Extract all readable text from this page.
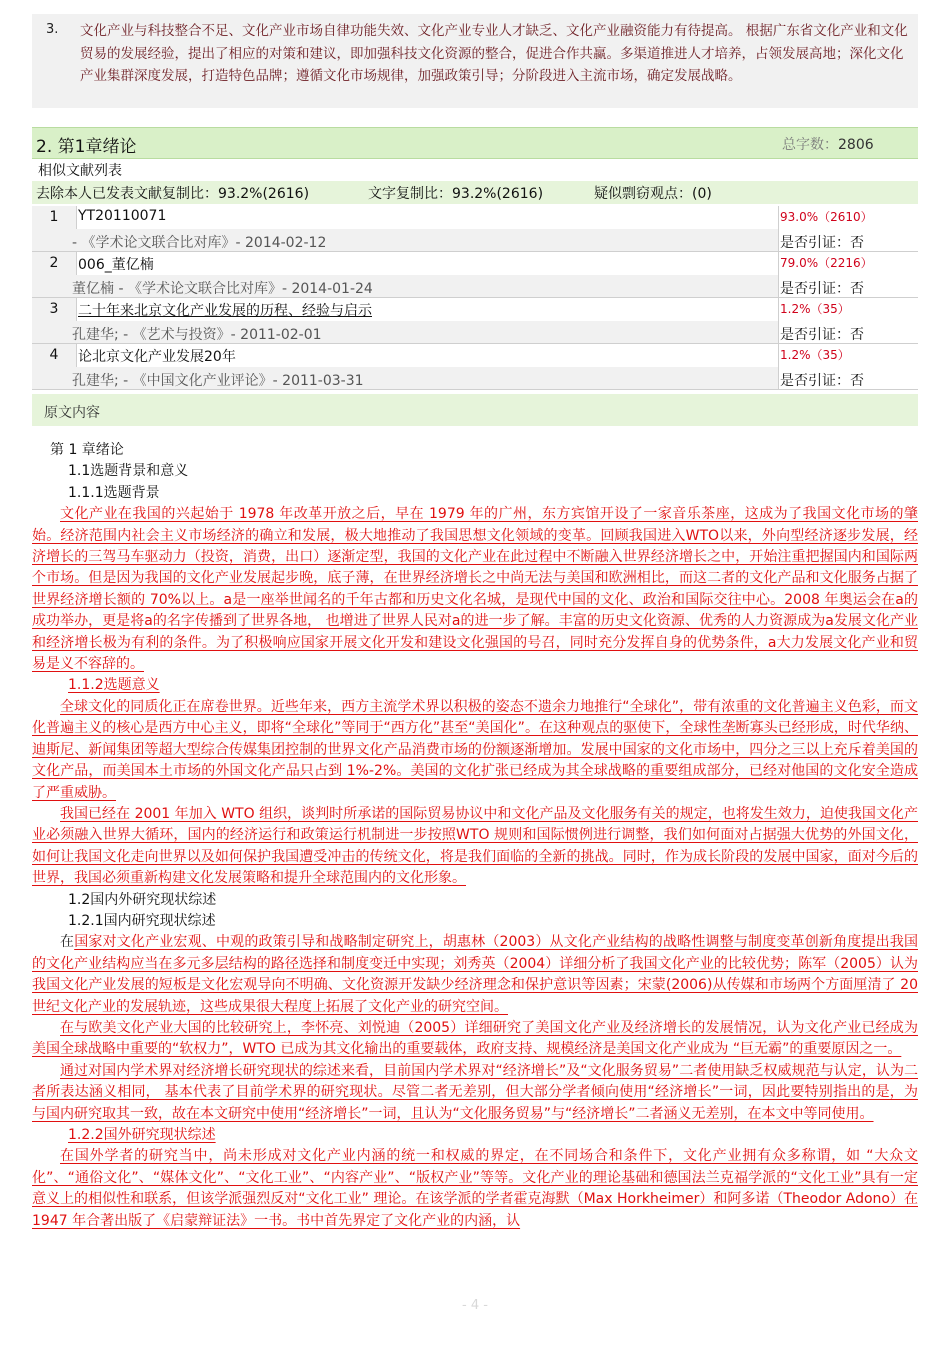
3. 文化产业与科技整合不足、文化产业市场自律功能失效、文化产业专业人才缺乏、文化产业融资能力有待提高。 根据广东省文化产业和文化贸易的发展经验，提出了相应的对策和建议，即加强科技文化资源的整合，促进合作共赢。多渠道推进人才培养，占领发展高地；深化文化产业集群深度发展，打造特色品牌；遵循文化市场规律，加强政策引导；分阶段进入主流市场，确定发展战略。
2. 第1章绪论	总字数：2806
相似文献列表
去除本人已发表文献复制比：93.2%(2616)	文字复制比：93.2%(2616)	疑似剽窃观点：(0)
1	YT20110071
- 《学术论文联合比对库》- 2014-02-12
93.0%（2610）
是否引证：否
2	006_董亿楠
董亿楠 - 《学术论文联合比对库》- 2014-01-24
79.0%（2216）
是否引证：否
3	二十年来北京文化产业发展的历程、经验与启示
孔建华; - 《艺术与投资》- 2011-02-01
1.2%（35）
是否引证：否
4	论北京文化产业发展20年
孔建华; - 《中国文化产业评论》- 2011-03-31
1.2%（35）
是否引证：否
原文内容

第 1 章绪论

1.1选题背景和意义

1.1.1选题背景

文化产业在我国的兴起始于 1978 年改革开放之后，早在 1979 年的广州，东方宾馆开设了一家音乐茶座，这成为了我国文化市场的肇始。经济范围内社会主义市场经济的确立和发展，极大地推动了我国思想文化领域的变革。回顾我国进入WTO以来，外向型经济逐步发展，经济增长的三驾马车驱动力（投资，消费，出口）逐渐定型，我国的文化产业在此过程中不断融入世界经济增长之中，开始注重把握国内和国际两个市场。但是因为我国的文化产业发展起步晚，底子薄，在世界经济增长之中尚无法与美国和欧洲相比，而这二者的文化产品和文化服务占据了世界经济增长额的 70%以上。a是一座举世闻名的千年古都和历史文化名城，是现代中国的文化、政治和国际交往中心。2008 年奥运会在a的成功举办，更是将a的名字传播到了世界各地， 也增进了世界人民对a的进一步了解。丰富的历史文化资源、优秀的人力资源成为a发展文化产业和经济增长极为有利的条件。为了积极响应国家开展文化开发和建设文化强国的号召，同时充分发挥自身的优势条件，a大力发展文化产业和贸易是义不容辞的。

1.1.2选题意义

全球文化的同质化正在席卷世界。近些年来，西方主流学术界以积极的姿态不遗余力地推行“全球化”，带有浓重的文化普遍主义色彩，而文化普遍主义的核心是西方中心主义，即将“全球化”等同于“西方化”甚至“美国化”。在这种观点的驱使下，全球性垄断寡头已经形成，时代华纳、迪斯尼、新闻集团等超大型综合传媒集团控制的世界文化产品消费市场的份额逐渐增加。发展中国家的文化市场中，四分之三以上充斥着美国的文化产品，而美国本土市场的外国文化产品只占到 1%-2%。美国的文化扩张已经成为其全球战略的重要组成部分，已经对他国的文化安全造成了严重威胁。

我国已经在 2001 年加入 WTO 组织，谈判时所承诺的国际贸易协议中和文化产品及文化服务有关的规定，也将发生效力，迫使我国文化产业必须融入世界大循环，国内的经济运行和政策运行机制进一步按照WTO 规则和国际惯例进行调整，我们如何面对占据强大优势的外国文化，如何让我国文化走向世界以及如何保护我国遭受冲击的传统文化，将是我们面临的全新的挑战。同时，作为成长阶段的发展中国家，面对今后的世界，我国必须重新构建文化发展策略和提升全球范围内的文化形象。

1.2国内外研究现状综述

1.2.1国内研究现状综述

在国家对文化产业宏观、中观的政策引导和战略制定研究上，胡惠林（2003）从文化产业结构的战略性调整与制度变革创新角度提出我国的文化产业结构应当在多元多层结构的路径选择和制度变迁中实现；刘秀英（2004）详细分析了我国文化产业的比较优势；陈军（2005）认为我国文化产业发展的短板是文化宏观导向不明确、文化资源开发缺少经济理念和保护意识等因素；宋蒙(2006)从传媒和市场两个方面厘清了 20 世纪文化产业的发展轨迹，这些成果很大程度上拓展了文化产业的研究空间。

在与欧美文化产业大国的比较研究上，李怀亮、刘悦迪（2005）详细研究了美国文化产业及经济增长的发展情况，认为文化产业已经成为美国全球战略中重要的“软权力”，WTO 已成为其文化输出的重要载体，政府支持、规模经济是美国文化产业成为 “巨无霸”的重要原因之一。

通过对国内学术界对经济增长研究现状的综述来看，目前国内学术界对“经济增长”及“文化服务贸易”二者使用缺乏权威规范与认定，认为二者所表达涵义相同， 基本代表了目前学术界的研究现状。尽管二者无差别，但大部分学者倾向使用“经济增长”一词，因此要特别指出的是，为与国内研究取其一致，故在本文研究中使用“经济增长”一词，且认为“文化服务贸易”与“经济增长”二者涵义无差别，在本文中等同使用。

1.2.2国外研究现状综述

在国外学者的研究当中，尚未形成对文化产业内涵的统一和权威的界定，在不同场合和条件下，文化产业拥有众多称谓，如 “大众文化”、“通俗文化”、“媒体文化”、“文化工业”、“内容产业”、“版权产业”等等。文化产业的理论基础和德国法兰克福学派的“文化工业”具有一定意义上的相似性和联系，但该学派强烈反对“文化工业” 理论。在该学派的学者霍克海默（Max Horkheimer）和阿多诺（Theodor Adono）在1947 年合著出版了《启蒙辩证法》一书。书中首先界定了文化产业的内涵，认

- 4 -
